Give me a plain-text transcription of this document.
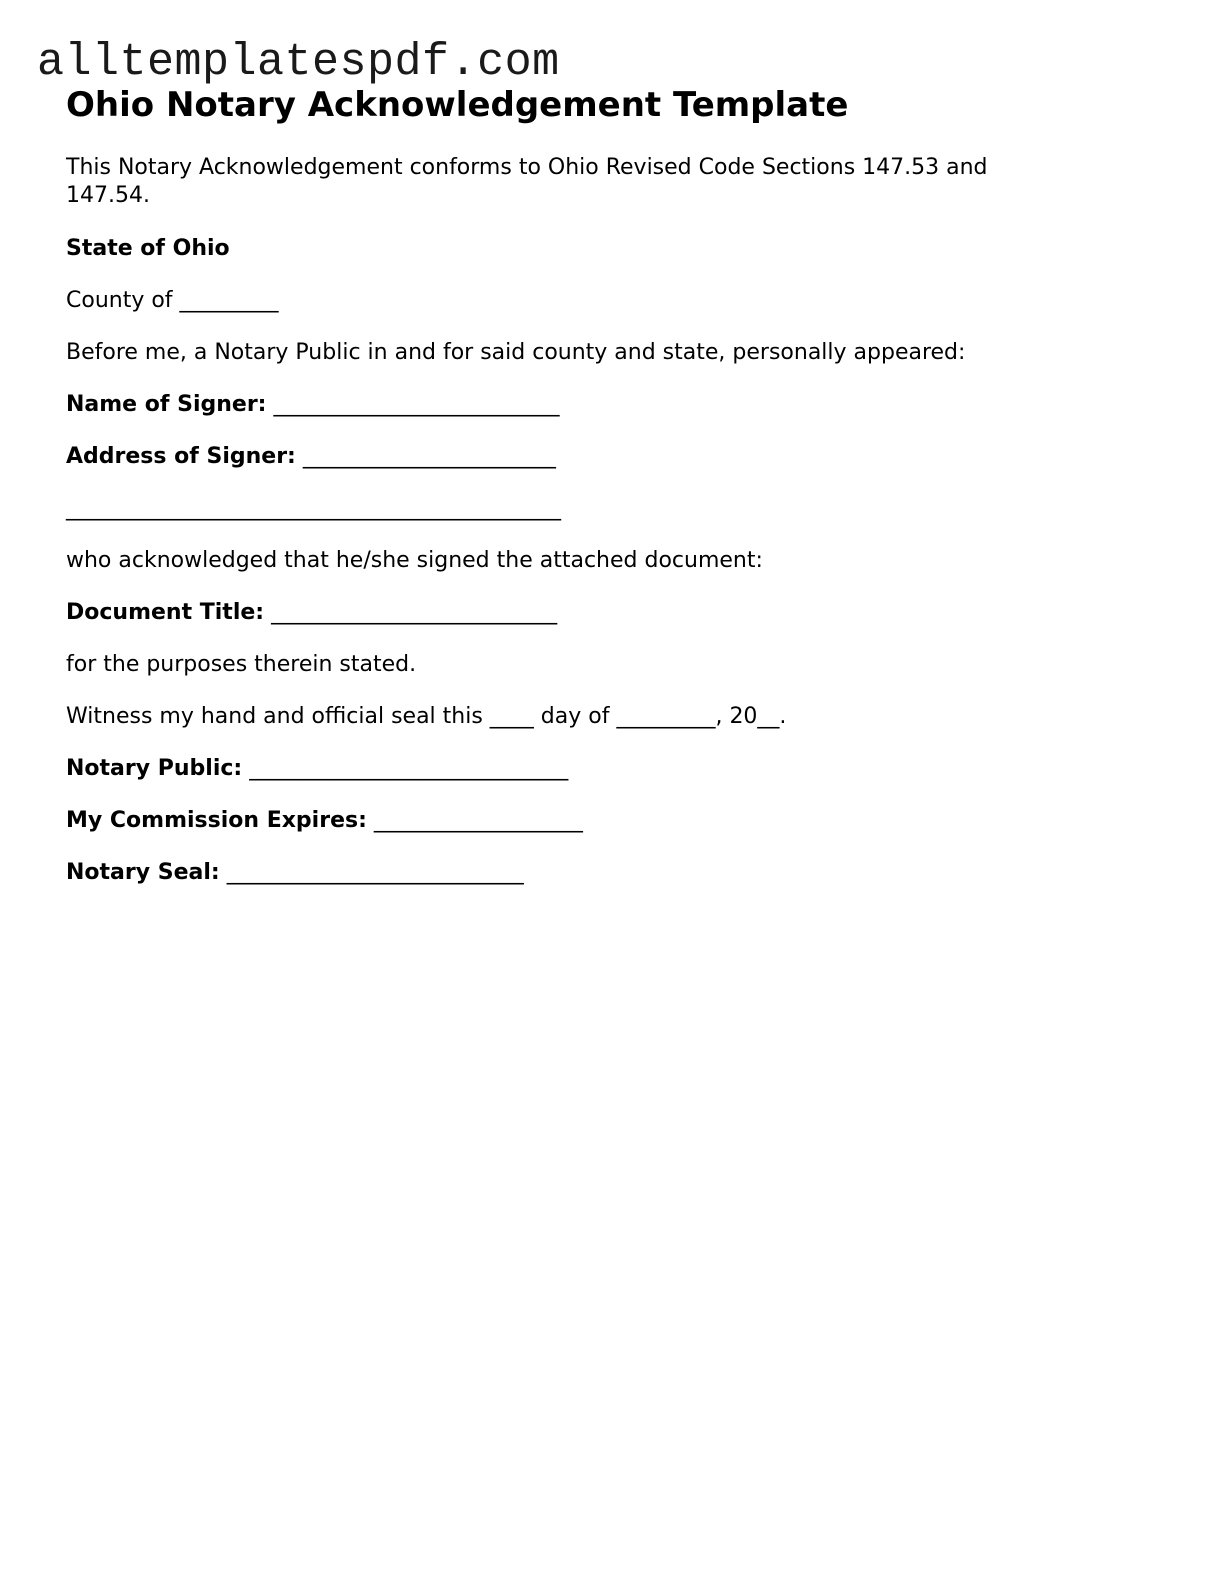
alltemplatespdf.com
Ohio Notary Acknowledgement Template
This Notary Acknowledgement conforms to Ohio Revised Code Sections 147.53 and 147.54.
State of Ohio
County of _________
Before me, a Notary Public in and for said county and state, personally appeared:
Name of Signer: __________________________
Address of Signer: _______________________
_____________________________________________
who acknowledged that he/she signed the attached document:
Document Title: __________________________
for the purposes therein stated.
Witness my hand and official seal this ____ day of _________, 20__.
Notary Public: _____________________________
My Commission Expires: ___________________
Notary Seal: ___________________________
